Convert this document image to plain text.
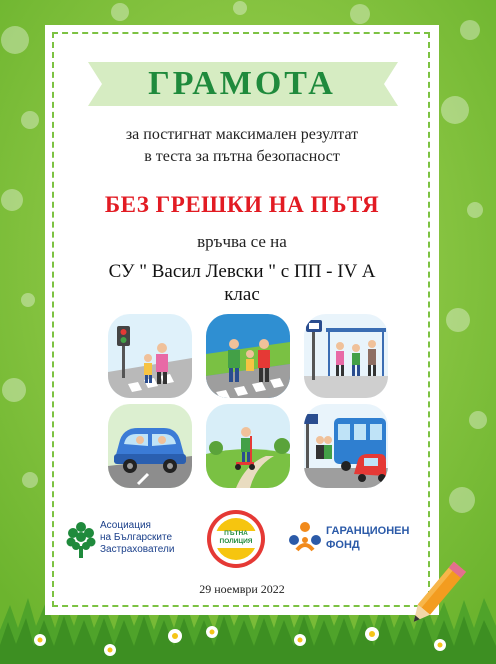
ГРАМОТА
за постигнат максимален резултат
в теста за пътна безопасност
БЕЗ ГРЕШКИ НА ПЪТЯ
връчва се на
СУ " Васил Левски " с ПП - IV А
клас
Асоциация
на Българските
Застрахователи
ПЪТНА
ПОЛИЦИЯ
ГАРАНЦИОНЕН
ФОНД
29 ноември 2022
